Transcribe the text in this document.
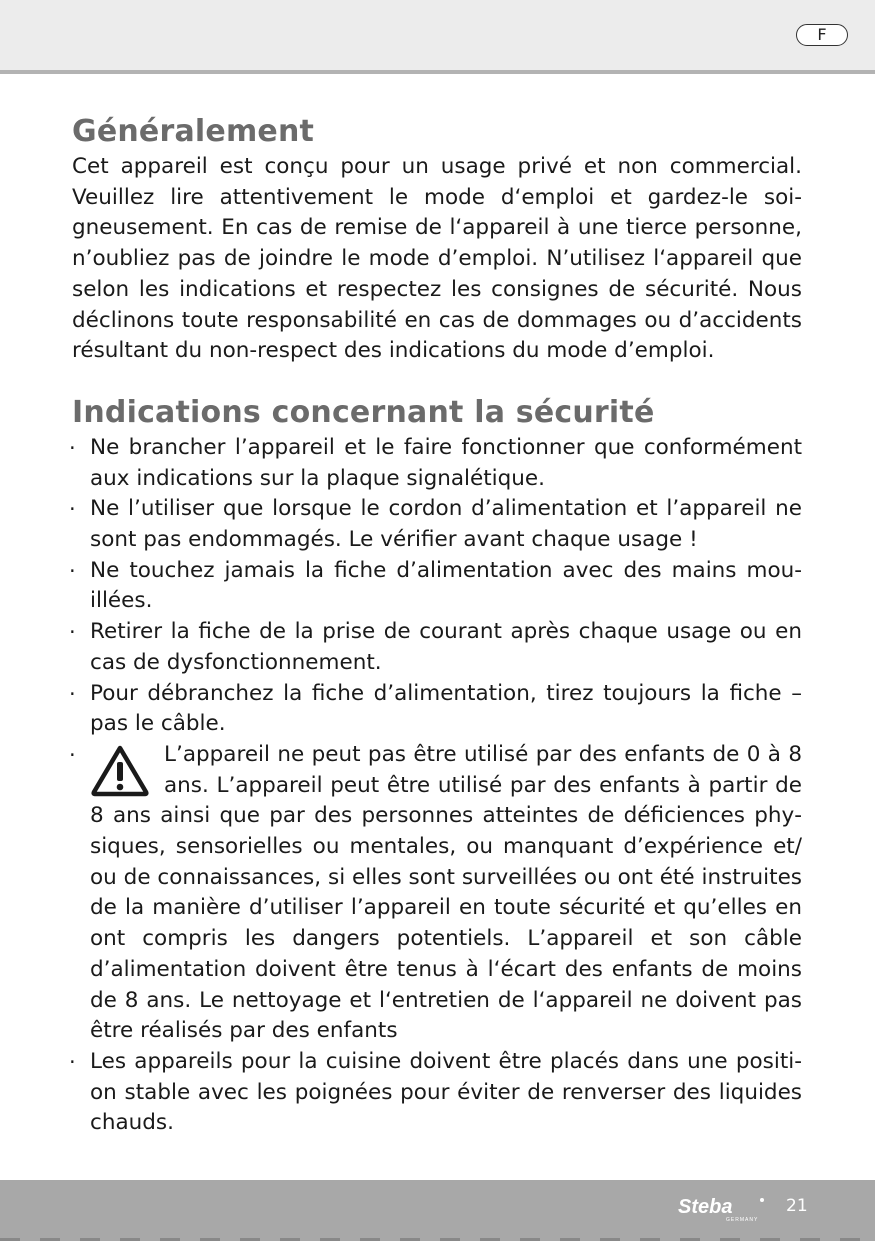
F
Généralement

Cet appareil est conçu pour un usage privé et non commercial. Veuillez lire attentivement le mode d‘emploi et gardez-le soigneusement. En cas de remise de l‘appareil à une tierce personne, n’oubliez pas de joindre le mode d’emploi. N’utilisez l‘appareil que selon les indications et respectez les consignes de sécurité. Nous déclinons toute responsabilité en cas de dommages ou d’accidents résultant du non-respect des indications du mode d’emploi.

Indications concernant la sécurité
· Ne brancher l’appareil et le faire fonctionner que conformément aux indications sur la plaque signalétique.
· Ne l’utiliser que lorsque le cordon d’alimentation et l’appareil ne sont pas endommagés. Le vérifier avant chaque usage !
· Ne touchez jamais la fiche d’alimentation avec des mains mouillées.
· Retirer la fiche de la prise de courant après chaque usage ou en cas de dysfonctionnement.
· Pour débranchez la fiche d’alimentation, tirez toujours la fiche – pas le câble.
·	L’appareil ne peut pas être utilisé par des enfants de 0 à 8 ans. L’appareil peut être utilisé par des enfants à partir de 8 ans ainsi que par des personnes atteintes de déficiences physiques, sensorielles ou mentales, ou manquant d’expérience et/ ou de connaissances, si elles sont surveillées ou ont été instruites de la manière d’utiliser l’appareil en toute sécurité et qu’elles en ont compris les dangers potentiels. L’appareil et son câble d’alimentation doivent être tenus à l‘écart des enfants de moins de 8 ans. Le nettoyage et l‘entretien de l‘appareil ne doivent pas être réalisés par des enfants
· Les appareils pour la cuisine doivent être placés dans une position stable avec les poignées pour éviter de renverser des liquides chauds.
Steba
GERMANY
21
